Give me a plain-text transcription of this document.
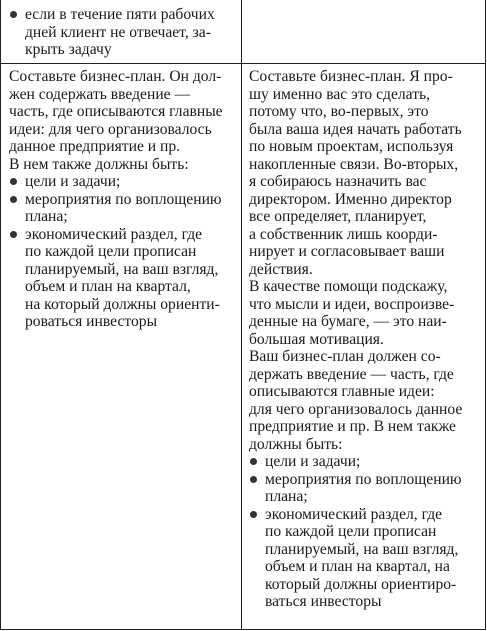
если в течение пяти рабочих

дней клиент не отвечает, за-

крыть задачу

Составьте бизнес-план. Он дол-

жен содержать введение —

часть, где описываются главные

идеи: для чего организовалось

данное предприятие и пр.

В нем также должны быть:

цели и задачи;

мероприятия по воплощению

плана;

экономический раздел, где

по каждой цели прописан

планируемый, на ваш взгляд,

объем и план на квартал,

на который должны ориенти-

роваться инвесторы

Составьте бизнес-план. Я про-

шу именно вас это сделать,

потому что, во-первых, это

была ваша идея начать работать

по новым проектам, используя

накопленные связи. Во-вторых,

я собираюсь назначить вас

директором. Именно директор

все определяет, планирует,

а собственник лишь коорди-

нирует и согласовывает ваши

действия.

В качестве помощи подскажу,

что мысли и идеи, воспроизве-

денные на бумаге, — это наи-

большая мотивация.

Ваш бизнес-план должен со-

держать введение — часть, где

описываются главные идеи:

для чего организовалось данное

предприятие и пр. В нем также

должны быть:

цели и задачи;

мероприятия по воплощению

плана;

экономический раздел, где

по каждой цели прописан

планируемый, на ваш взгляд,

объем и план на квартал, на

который должны ориентиро-

ваться инвесторы
